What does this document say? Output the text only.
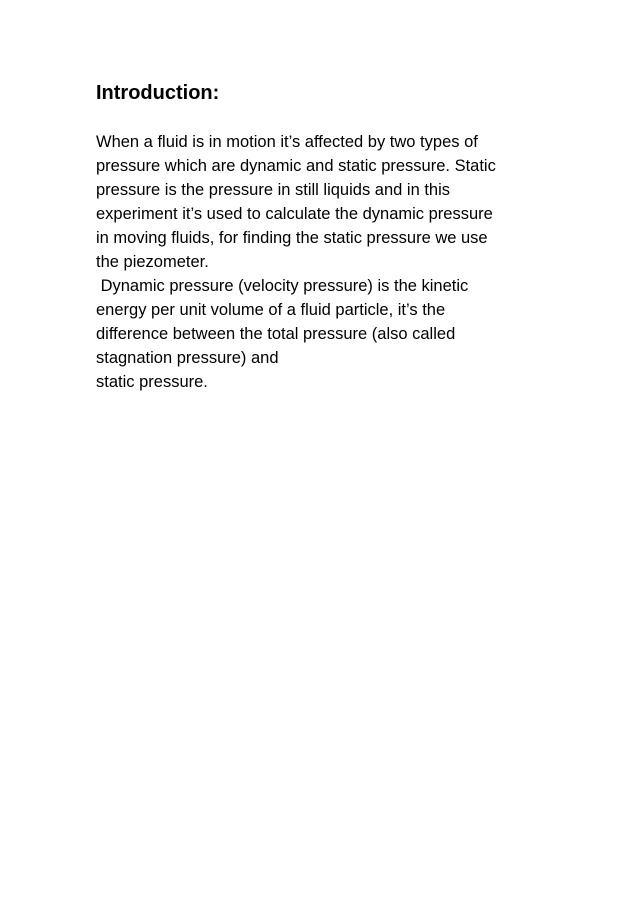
Introduction:

When a fluid is in motion it’s affected by two types of
pressure which are dynamic and static pressure. Static
pressure is the pressure in still liquids and in this
experiment it’s used to calculate the dynamic pressure
in moving fluids, for finding the static pressure we use
the piezometer.

Dynamic pressure (velocity pressure) is the kinetic
energy per unit volume of a fluid particle, it’s the
difference between the total pressure (also called
stagnation pressure) and
static pressure.
